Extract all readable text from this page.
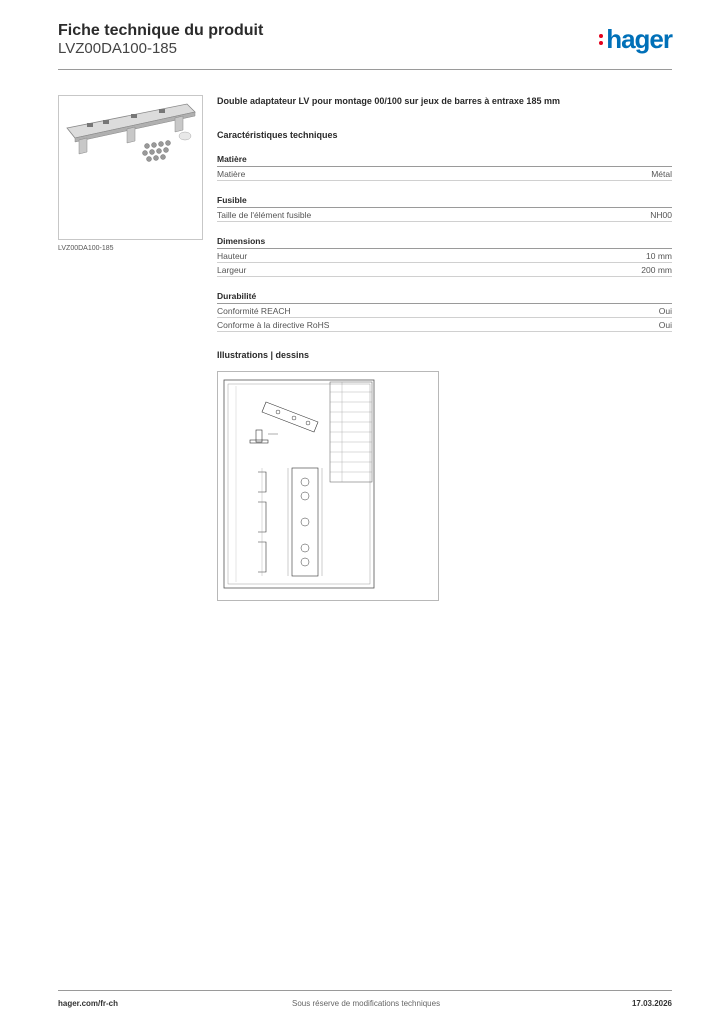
Fiche technique du produit
LVZ00DA100-185	hager
LVZ00DA100-185
Double adaptateur LV pour montage 00/100 sur jeux de barres à entraxe 185 mm
Caractéristiques techniques
Matière
Matière	Métal
Fusible
Taille de l'élément fusible	NH00
Dimensions
Hauteur	10 mm
Largeur	200 mm
Durabilité
Conformité REACH	Oui
Conforme à la directive RoHS	Oui
Illustrations | dessins
hager.com/fr-ch	Sous réserve de modifications techniques	17.03.2026
